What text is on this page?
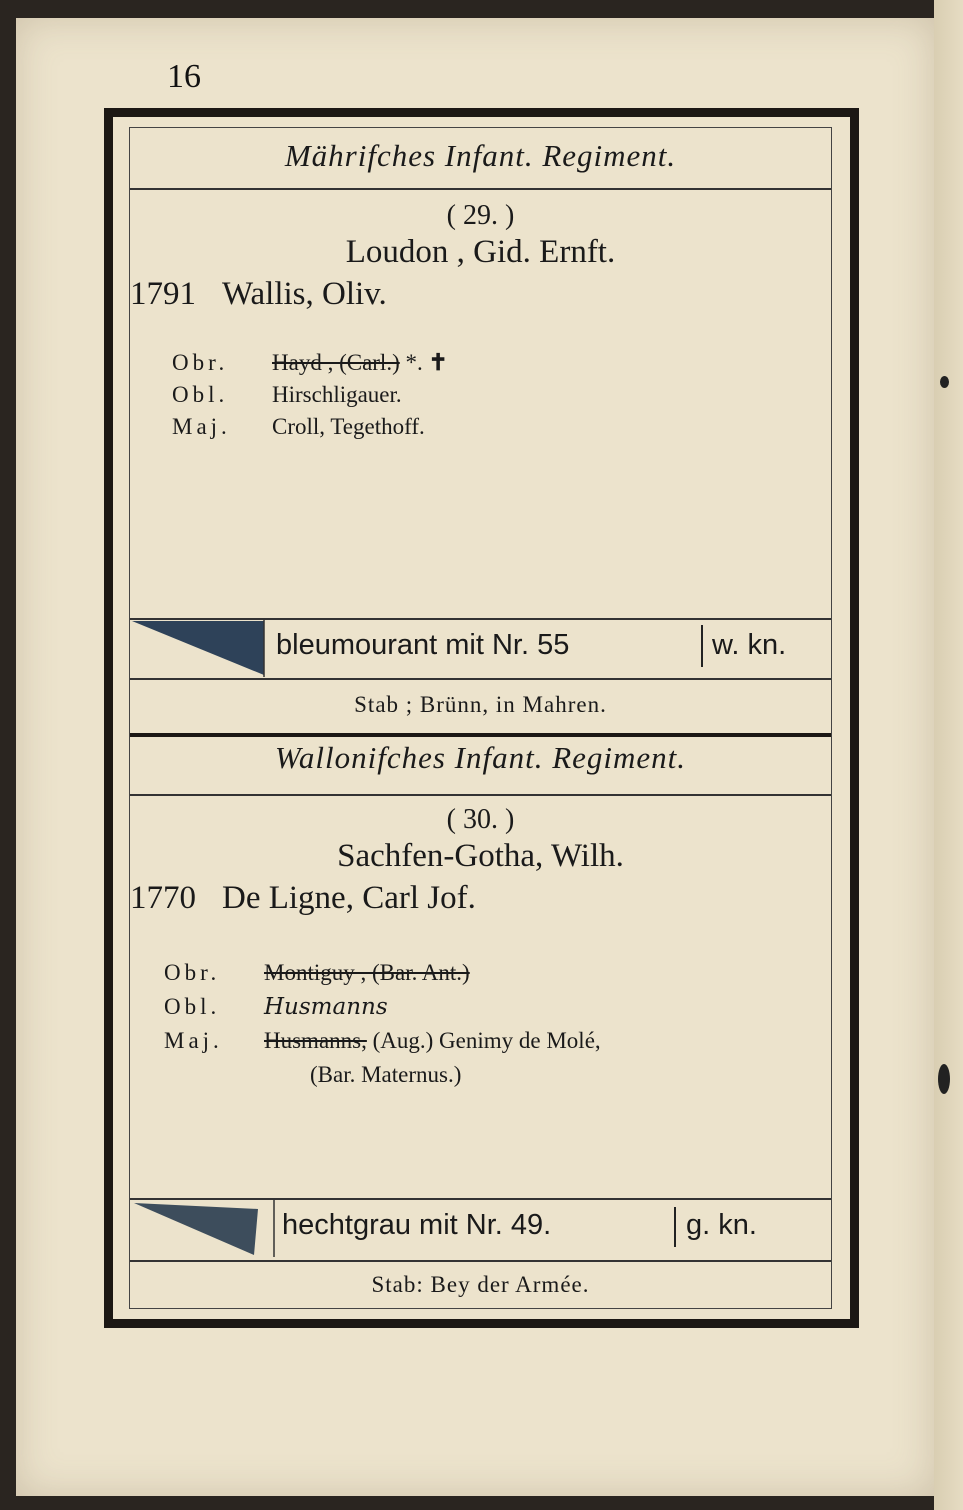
16
Mährifches Infant. Regiment.
( 29. )
Loudon , Gid. Ernft.
1791 Wallis, Oliv.
Obr. Hayd , (Carl.) *. ✝
Obl. Hirschligauer.
Maj. Croll, Tegethoff.
bleumourant mit Nr. 55	w. kn.
Stab ; Brünn, in Mahren.
Wallonifches Infant. Regiment.
( 30. )
Sachfen-Gotha, Wilh.
1770 De Ligne, Carl Jof.
Obr. Montiguy , (Bar. Ant.)
Obl. Husmanns
Maj. Husmanns, (Aug.) Genimy de Molé,
(Bar. Maternus.)
hechtgrau mit Nr. 49.	g. kn.
Stab: Bey der Armée.
